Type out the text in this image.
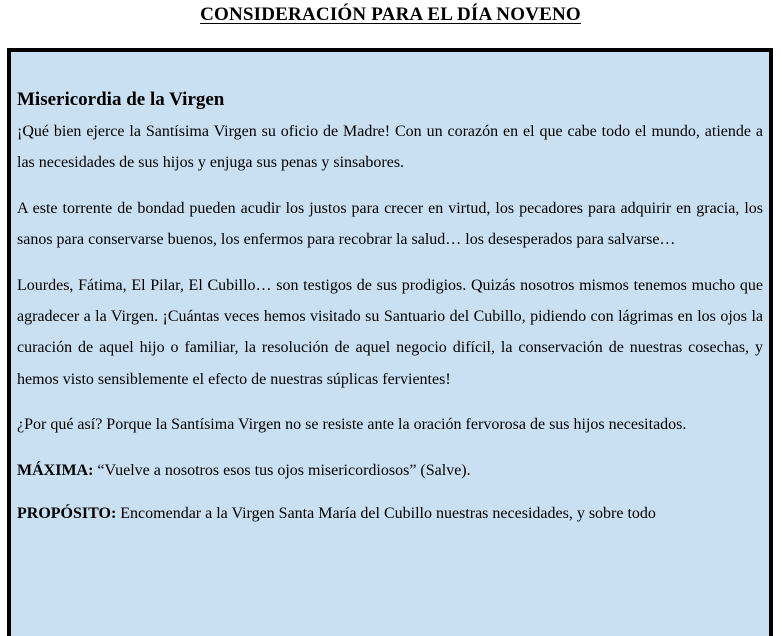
CONSIDERACIÓN PARA EL DÍA NOVENO
Misericordia de la Virgen

¡Qué bien ejerce la Santísima Virgen su oficio de Madre! Con un corazón en el que cabe todo el mundo, atiende a las necesidades de sus hijos y enjuga sus penas y sinsabores.

A este torrente de bondad pueden acudir los justos para crecer en virtud, los pecadores para adquirir en gracia, los sanos para conservarse buenos, los enfermos para recobrar la salud… los desesperados para salvarse…

Lourdes, Fátima, El Pilar, El Cubillo… son testigos de sus prodigios. Quizás nosotros mismos tenemos mucho que agradecer a la Virgen. ¡Cuántas veces hemos visitado su Santuario del Cubillo, pidiendo con lágrimas en los ojos la curación de aquel hijo o familiar, la resolución de aquel negocio difícil, la conservación de nuestras cosechas, y hemos visto sensiblemente el efecto de nuestras súplicas fervientes!

¿Por qué así? Porque la Santísima Virgen no se resiste ante la oración fervorosa de sus hijos necesitados.

MÁXIMA: “Vuelve a nosotros esos tus ojos misericordiosos” (Salve).

PROPÓSITO: Encomendar a la Virgen Santa María del Cubillo nuestras necesidades, y sobre todo
